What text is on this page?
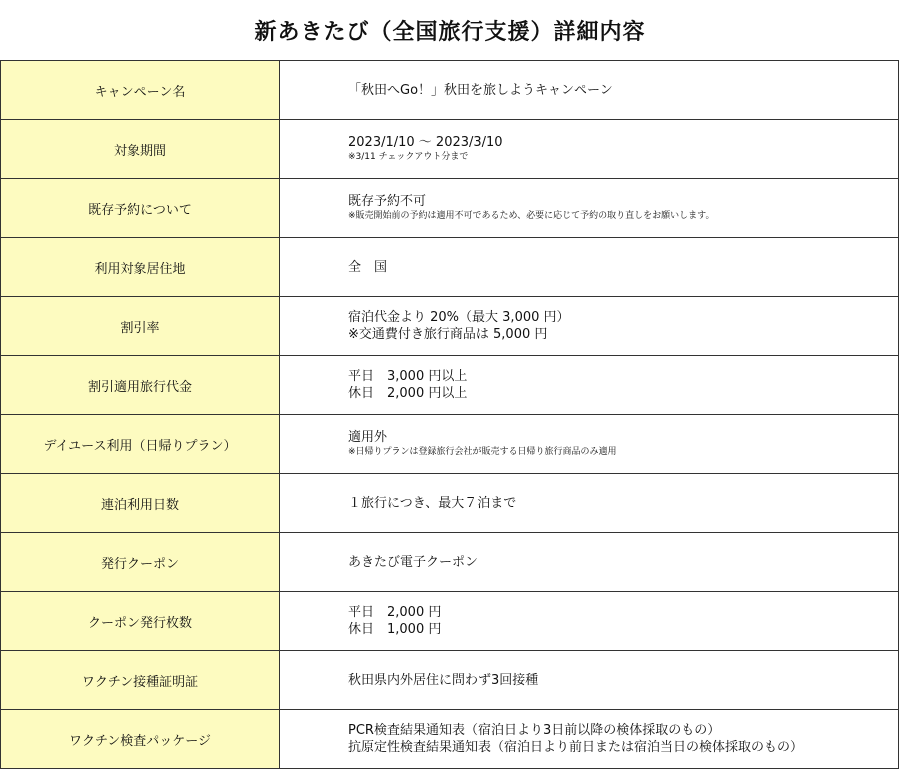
新あきたび（全国旅行支援）詳細内容
キャンペーン名	「秋田へGo！」秋田を旅しようキャンペーン

対象期間	2023/1/10 〜 2023/3/10
※3/11 チェックアウト分まで

既存予約について	既存予約不可
※販売開始前の予約は適用不可であるため、必要に応じて予約の取り直しをお願いします。

利用対象居住地	全　国

割引率	宿泊代金より 20%（最大 3,000 円）
※交通費付き旅行商品は 5,000 円

割引適用旅行代金	平日　3,000 円以上
休日　2,000 円以上

デイユース利用（日帰りプラン）	適用外
※日帰りプランは登録旅行会社が販売する日帰り旅行商品のみ適用

連泊利用日数	１旅行につき、最大７泊まで

発行クーポン	あきたび電子クーポン

クーポン発行枚数	平日　2,000 円
休日　1,000 円

ワクチン接種証明証	秋田県内外居住に問わず3回接種

ワクチン検査パッケージ	PCR検査結果通知表（宿泊日より3日前以降の検体採取のもの）
抗原定性検査結果通知表（宿泊日より前日または宿泊当日の検体採取のもの）
